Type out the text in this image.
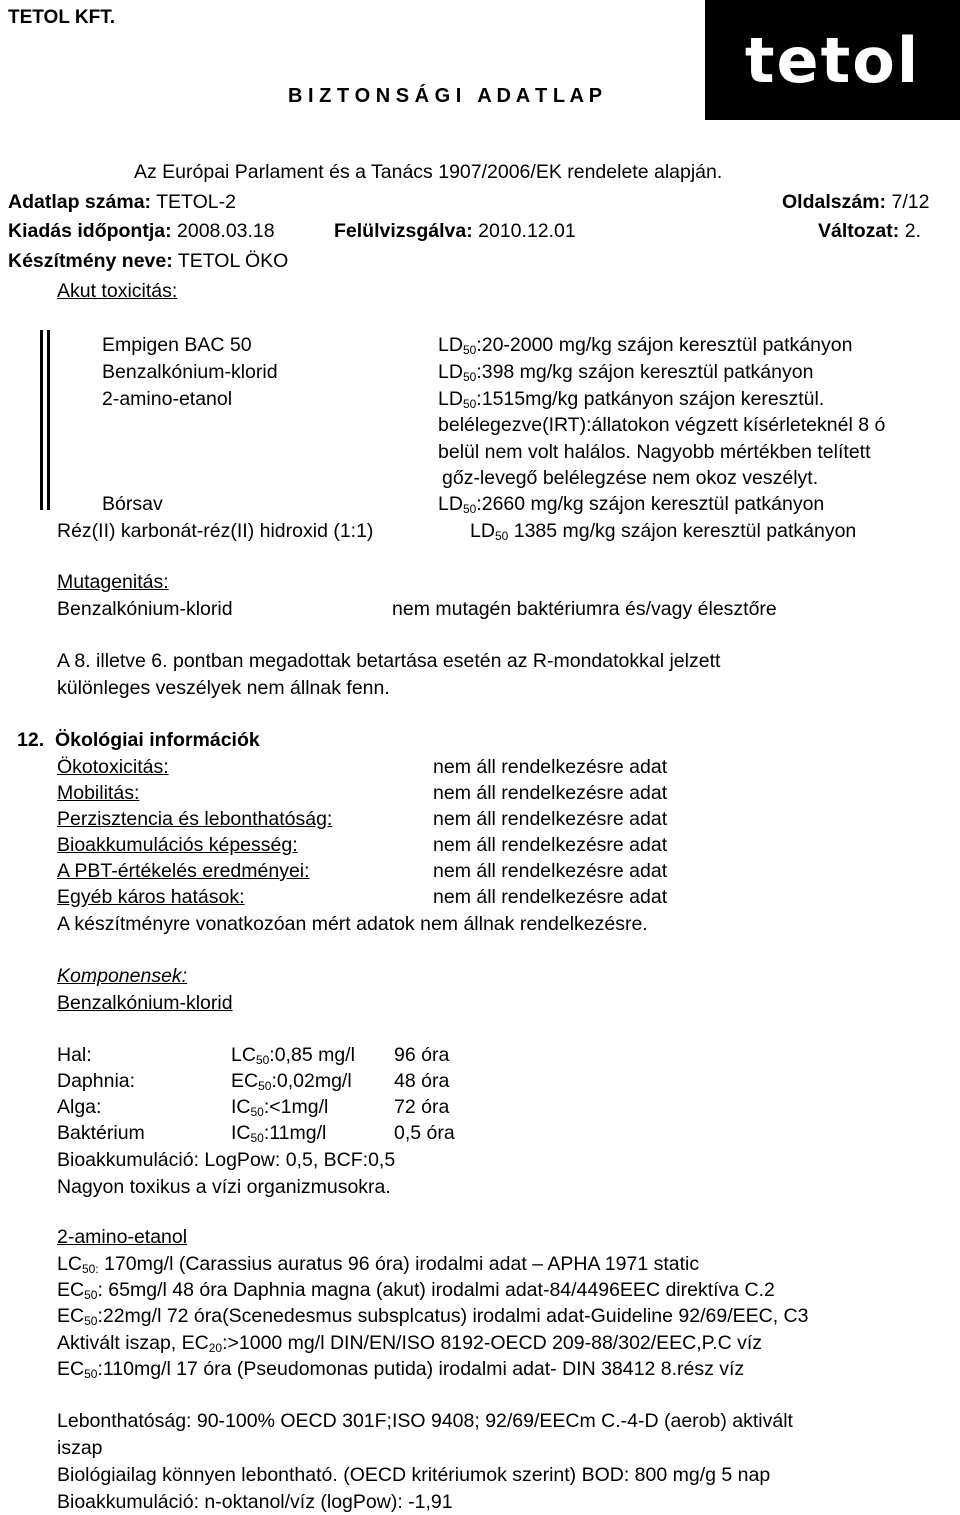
TETOL KFT.
tetol
B I Z T O N S Á G I   A D A T L A P
Az Európai Parlament és a Tanács 1907/2006/EK rendelete alapján.
Adatlap száma: TETOL-2	Oldalszám: 7/12
Kiadás időpontja: 2008.03.18	Felülvizsgálva: 2010.12.01	Változat: 2.
Készítmény neve: TETOL ÖKO
Akut toxicitás:
Empigen BAC 50	$LD_{50}:20-2000$ mg/kg szájon keresztül patkányon
Benzalkónium-klorid	$LD_{50}:398$ mg/kg szájon keresztül patkányon
2-amino-etanol	$LD_{50}:1515mg/kg$ patkányon szájon keresztül.
belélegezve(IRT):állatokon végzett kísérleteknél 8 ó
belül nem volt halálos. Nagyobb mértékben telített
gőz-levegő belélegzése nem okoz veszélyt.
Bórsav	$LD_{50}:2660$ mg/kg szájon keresztül patkányon
Réz(II) karbonát-réz(II) hidroxid (1:1)	$LD_{50}$ 1385 mg/kg szájon keresztül patkányon
Mutagenitás:
Benzalkónium-klorid	nem mutagén baktériumra és/vagy élesztőre
A 8. illetve 6. pontban megadottak betartása esetén az R-mondatokkal jelzett
különleges veszélyek nem állnak fenn.
12.  Ökológiai információk
Ökotoxicitás:	nem áll rendelkezésre adat
Mobilitás:	nem áll rendelkezésre adat
Perzisztencia és lebonthatóság:	nem áll rendelkezésre adat
Bioakkumulációs képesség:	nem áll rendelkezésre adat
A PBT-értékelés eredményei:	nem áll rendelkezésre adat
Egyéb káros hatások:	nem áll rendelkezésre adat
A készítményre vonatkozóan mért adatok nem állnak rendelkezésre.
Komponensek:
Benzalkónium-klorid
Hal:	$LC_{50}:0,85$ mg/l 96 óra
Daphnia:	$EC_{50}:0,02mg/l$ 48 óra
Alga:	$IC_{50}:<1mg/l$	72 óra
Baktérium	$IC_{50}:11mg/l$	0,5 óra
Bioakkumuláció: LogPow: 0,5, BCF:0,5
Nagyon toxikus a vízi organizmusokra.
2-amino-etanol
$LC_{50:}$ 170mg/l (Carassius auratus 96 óra) irodalmi adat – APHA 1971 static
$EC_{50}$: 65mg/l 48 óra Daphnia magna (akut) irodalmi adat-84/4496EEC direktíva C.2
$EC_{50}:22mg/l$ 72 óra(Scenedesmus subsplcatus) irodalmi adat-Guideline 92/69/EEC, C3
Aktivált iszap, $EC_{20}:>1000$ mg/l DIN/EN/ISO 8192-OECD 209-88/302/EEC,P.C víz
$EC_{50}:110mg/l$ 17 óra (Pseudomonas putida) irodalmi adat- DIN 38412 8.rész víz
Lebonthatóság: 90-100% OECD 301F;ISO 9408; 92/69/EECm C.-4-D (aerob) aktivált
iszap
Biológiailag könnyen lebontható. (OECD kritériumok szerint) BOD: 800 mg/g 5 nap
Bioakkumuláció: n-oktanol/víz (logPow): -1,91
